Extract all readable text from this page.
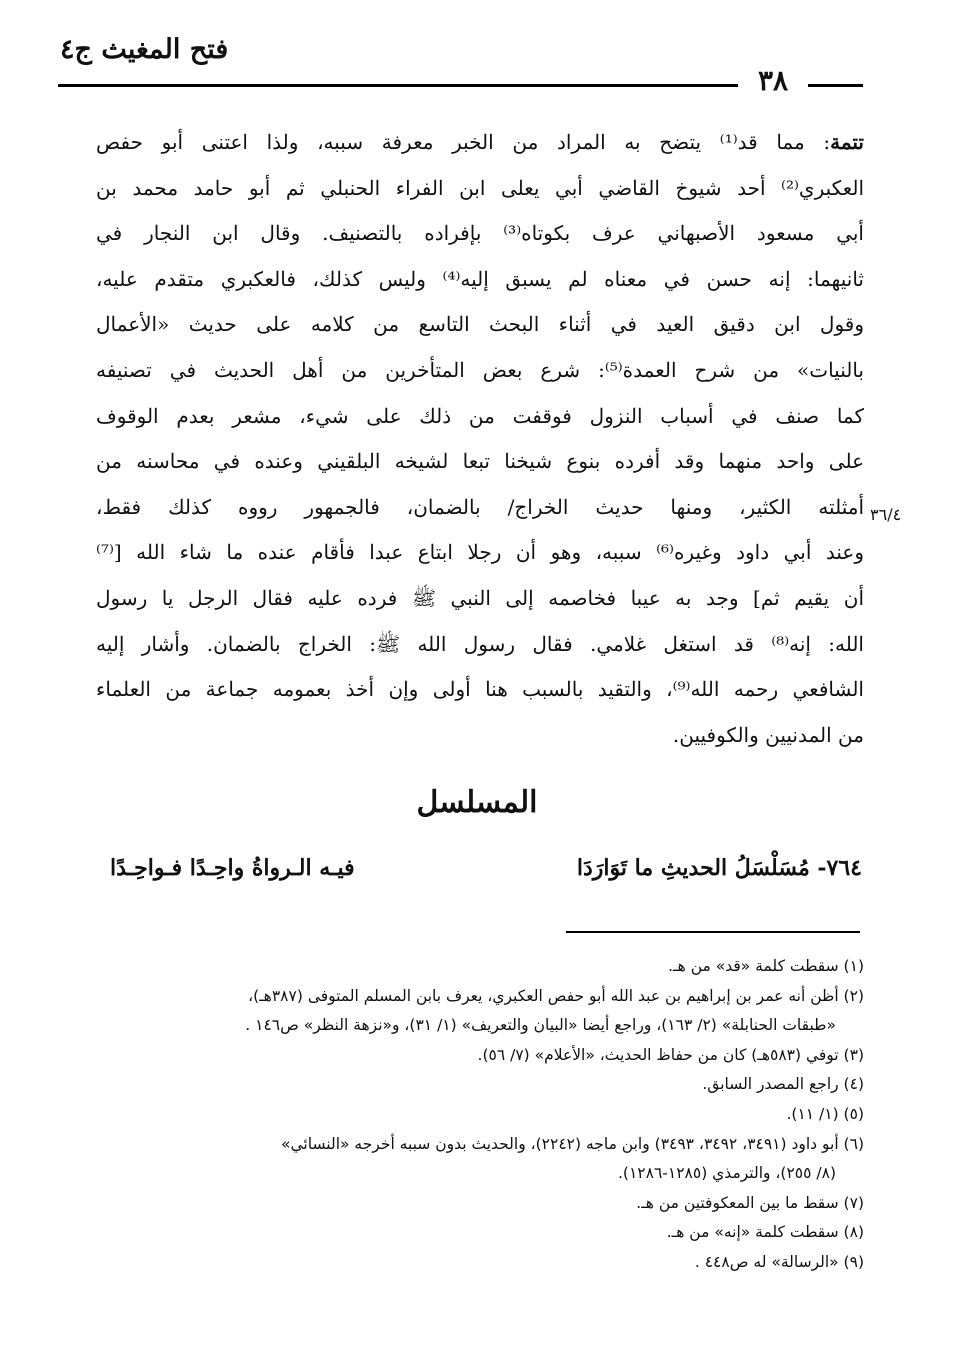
فتح المغيث ج٤
٣٨
تتمة: مما قد⁽¹⁾ يتضح به المراد من الخبر معرفة سببه، ولذا اعتنى أبو حفص
العكبري⁽²⁾ أحد شيوخ القاضي أبي يعلى ابن الفراء الحنبلي ثم أبو حامد محمد بن
أبي مسعود الأصبهاني عرف بكوتاه⁽³⁾ بإفراده بالتصنيف. وقال ابن النجار في
ثانيهما: إنه حسن في معناه لم يسبق إليه⁽⁴⁾ وليس كذلك، فالعكبري متقدم عليه،
وقول ابن دقيق العيد في أثناء البحث التاسع من كلامه على حديث «الأعمال
بالنيات» من شرح العمدة⁽⁵⁾: شرع بعض المتأخرين من أهل الحديث في تصنيفه
كما صنف في أسباب النزول فوقفت من ذلك على شيء، مشعر بعدم الوقوف
على واحد منهما وقد أفرده بنوع شيخنا تبعا لشيخه البلقيني وعنده في محاسنه من
أمثلته الكثير، ومنها حديث الخراج/ بالضمان، فالجمهور رووه كذلك فقط،
وعند أبي داود وغيره⁽⁶⁾ سببه، وهو أن رجلا ابتاع عبدا فأقام عنده ما شاء الله [⁽⁷⁾
أن يقيم ثم] وجد به عيبا فخاصمه إلى النبي ﷺ فرده عليه فقال الرجل يا رسول
الله: إنه⁽⁸⁾ قد استغل غلامي. فقال رسول الله ﷺ: الخراج بالضمان. وأشار إليه
الشافعي رحمه الله⁽⁹⁾، والتقيد بالسبب هنا أولى وإن أخذ بعمومه جماعة من العلماء
من المدنيين والكوفيين.
٣٦/٤
المسلسل
٧٦٤- مُسَلْسَلُ الحديثِ ما تَوَارَدَا
فيـه الـرواةُ واحِـدًا فـواحِـدًا
(١) سقطت كلمة «قد» من هـ.
(٢) أظن أنه عمر بن إبراهيم بن عبد الله أبو حفص العكبري، يعرف بابن المسلم المتوفى (٣٨٧هـ)،
«طبقات الحنابلة» (٢/ ١٦٣)، وراجع أيضا «البيان والتعريف» (١/ ٣١)، و«نزهة النظر» ص١٤٦ .
(٣) توفي (٥٨٣هـ) كان من حفاظ الحديث، «الأعلام» (٧/ ٥٦).
(٤) راجع المصدر السابق.
(٥) (١/ ١١).
(٦) أبو داود (٣٤٩١، ٣٤٩٢، ٣٤٩٣) وابن ماجه (٢٢٤٢)، والحديث بدون سببه أخرجه «النسائي»
(٨/ ٢٥٥)، والترمذي (١٢٨٥-١٢٨٦).
(٧) سقط ما بين المعكوفتين من هـ.
(٨) سقطت كلمة «إنه» من هـ.
(٩) «الرسالة» له ص٤٤٨ .
